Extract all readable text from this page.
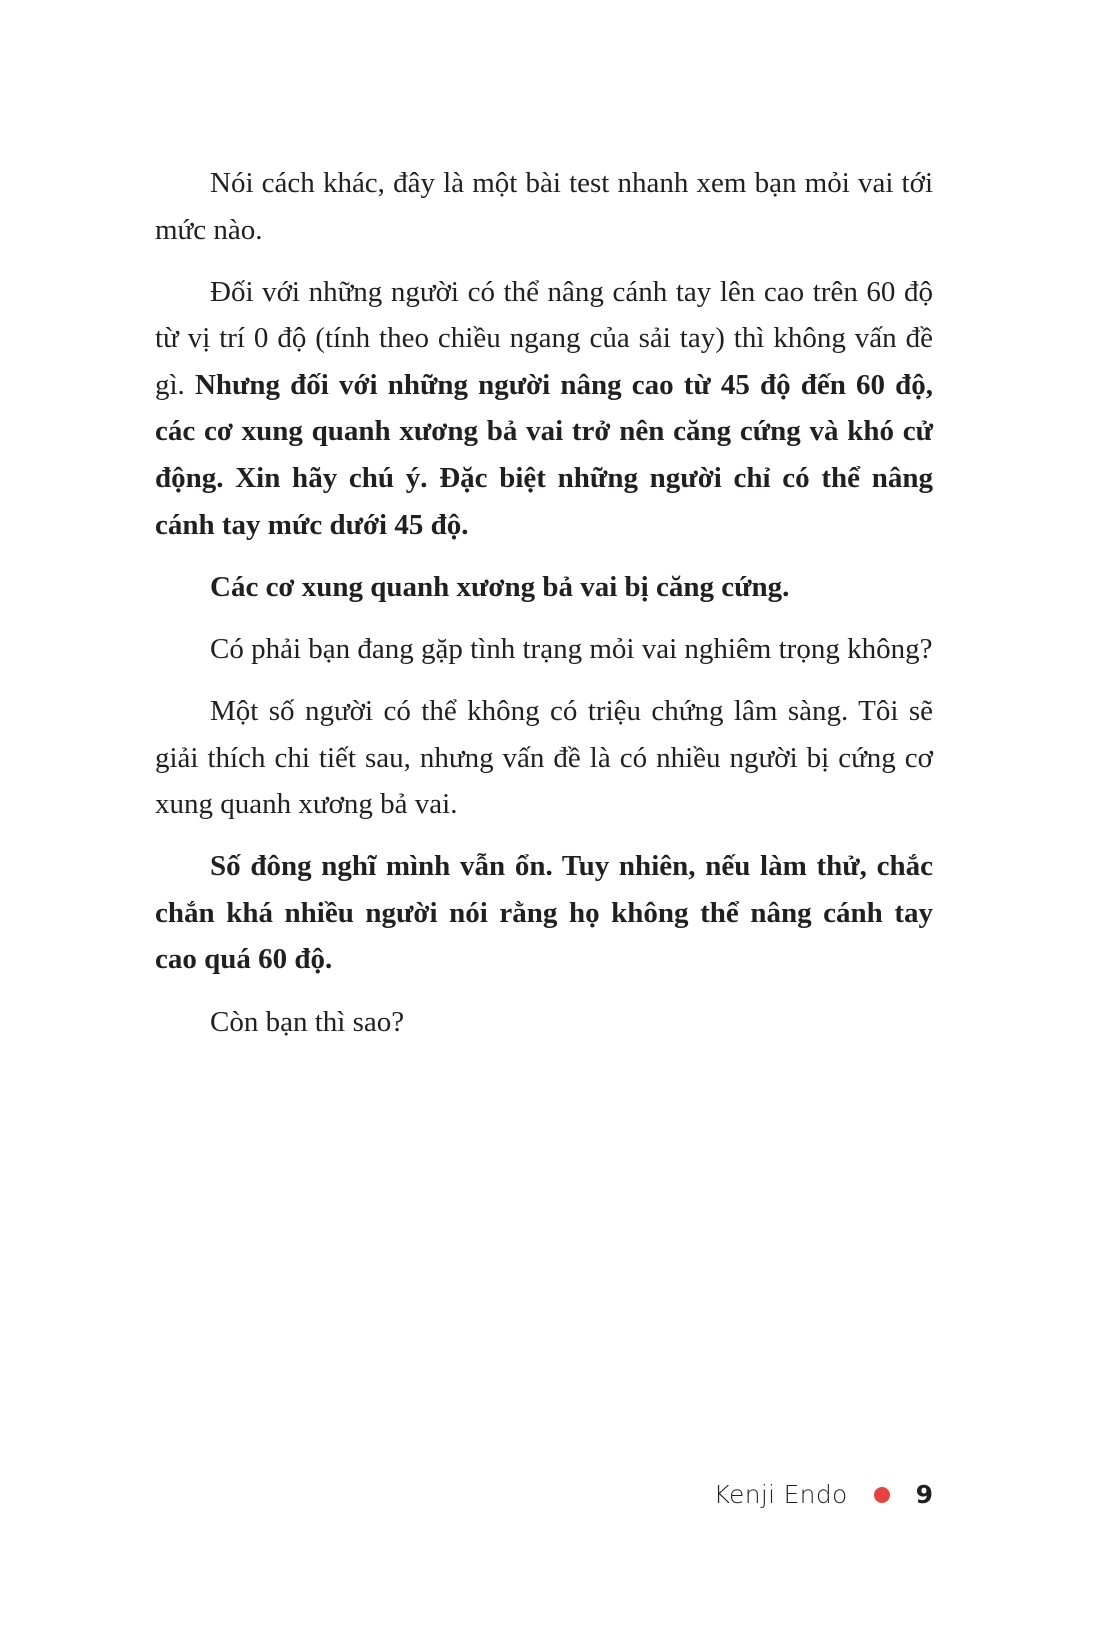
Nói cách khác, đây là một bài test nhanh xem bạn mỏi vai tới mức nào.

Đối với những người có thể nâng cánh tay lên cao trên 60 độ từ vị trí 0 độ (tính theo chiều ngang của sải tay) thì không vấn đề gì. Nhưng đối với những người nâng cao từ 45 độ đến 60 độ, các cơ xung quanh xương bả vai trở nên căng cứng và khó cử động. Xin hãy chú ý. Đặc biệt những người chỉ có thể nâng cánh tay mức dưới 45 độ.

Các cơ xung quanh xương bả vai bị căng cứng.

Có phải bạn đang gặp tình trạng mỏi vai nghiêm trọng không?

Một số người có thể không có triệu chứng lâm sàng. Tôi sẽ giải thích chi tiết sau, nhưng vấn đề là có nhiều người bị cứng cơ xung quanh xương bả vai.

Số đông nghĩ mình vẫn ổn. Tuy nhiên, nếu làm thử, chắc chắn khá nhiều người nói rằng họ không thể nâng cánh tay cao quá 60 độ.

Còn bạn thì sao?

Kenji Endo	9
